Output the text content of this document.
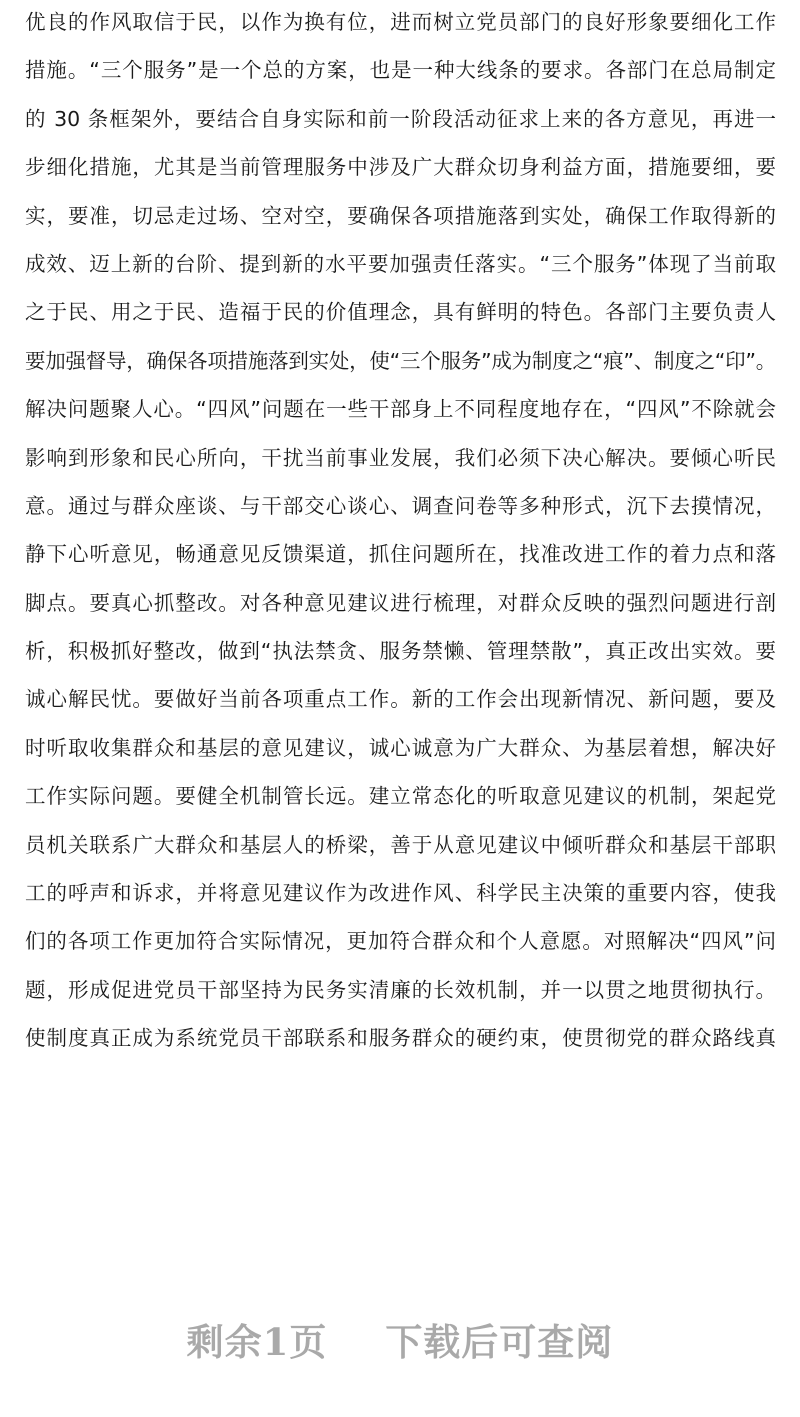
优良的作风取信于民，以作为换有位，进而树立党员部门的良好形象要细化工作
措施。“三个服务”是一个总的方案，也是一种大线条的要求。各部门在总局制定
的 30 条框架外，要结合自身实际和前一阶段活动征求上来的各方意见，再进一
步细化措施，尤其是当前管理服务中涉及广大群众切身利益方面，措施要细，要
实，要准，切忌走过场、空对空，要确保各项措施落到实处，确保工作取得新的
成效、迈上新的台阶、提到新的水平要加强责任落实。“三个服务”体现了当前取
之于民、用之于民、造福于民的价值理念，具有鲜明的特色。各部门主要负责人
要加强督导，确保各项措施落到实处，使“三个服务”成为制度之“痕”、制度之“印”。
解决问题聚人心。“四风”问题在一些干部身上不同程度地存在，“四风”不除就会
影响到形象和民心所向，干扰当前事业发展，我们必须下决心解决。要倾心听民
意。通过与群众座谈、与干部交心谈心、调查问卷等多种形式，沉下去摸情况，
静下心听意见，畅通意见反馈渠道，抓住问题所在，找准改进工作的着力点和落
脚点。要真心抓整改。对各种意见建议进行梳理，对群众反映的强烈问题进行剖
析，积极抓好整改，做到“执法禁贪、服务禁懒、管理禁散”，真正改出实效。要
诚心解民忧。要做好当前各项重点工作。新的工作会出现新情况、新问题，要及
时听取收集群众和基层的意见建议，诚心诚意为广大群众、为基层着想，解决好
工作实际问题。要健全机制管长远。建立常态化的听取意见建议的机制，架起党
员机关联系广大群众和基层人的桥梁，善于从意见建议中倾听群众和基层干部职
工的呼声和诉求，并将意见建议作为改进作风、科学民主决策的重要内容，使我
们的各项工作更加符合实际情况，更加符合群众和个人意愿。对照解决“四风”问
题，形成促进党员干部坚持为民务实清廉的长效机制，并一以贯之地贯彻执行。
使制度真正成为系统党员干部联系和服务群众的硬约束，使贯彻党的群众路线真
剩余1页 下载后可查阅
